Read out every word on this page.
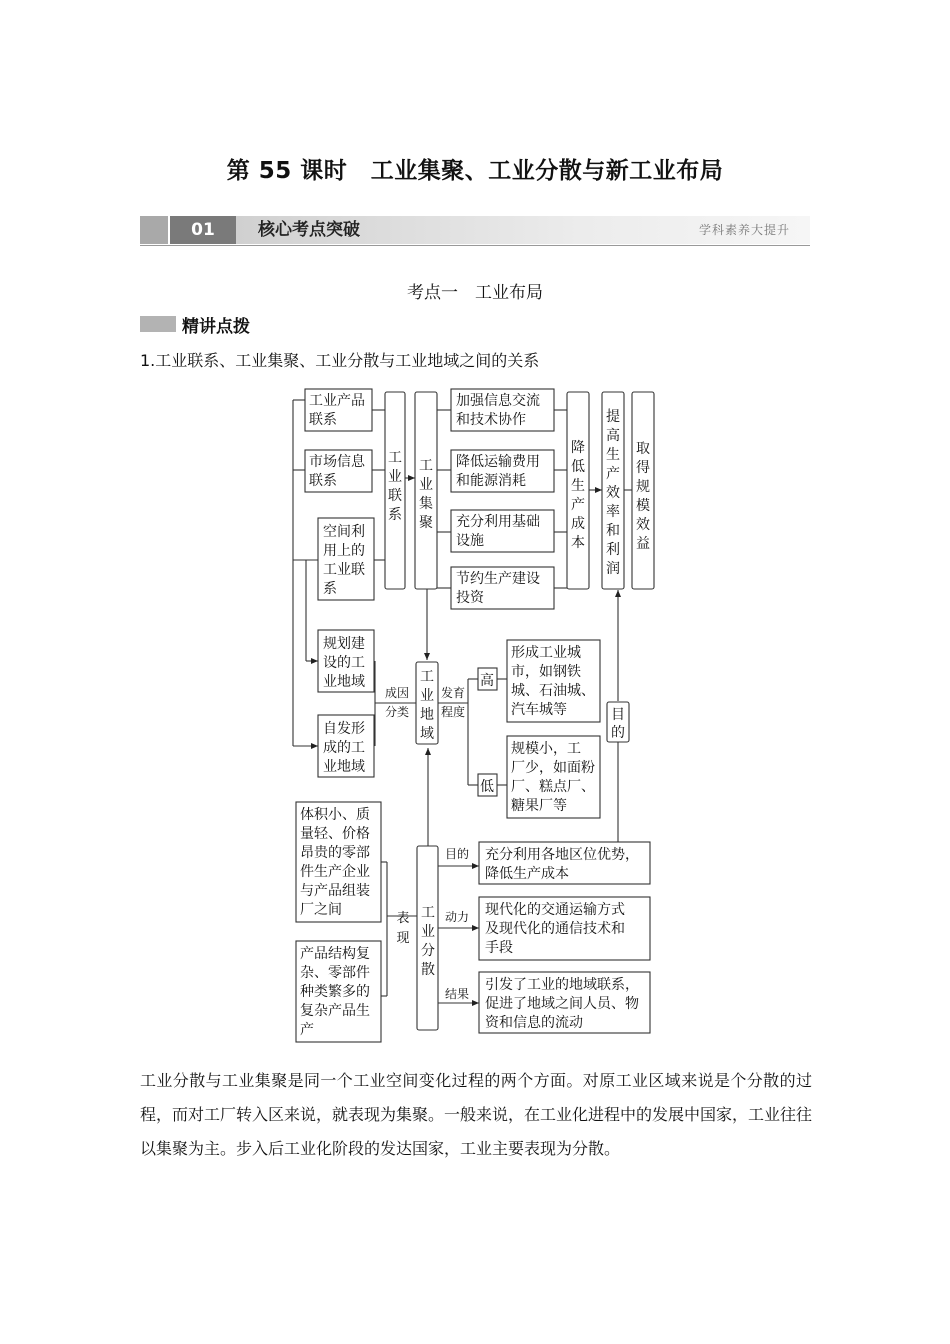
第 55 课时　工业集聚、工业分散与新工业布局
01	核心考点突破	学科素养大提升
考点一　工业布局
精讲点拨
1.工业联系、工业集聚、工业分散与工业地域之间的关系
工业产品联系
市场信息联系
空间利用上的工业联系
规划建设的工业地域
自发形成的工业地域
工业联系
工业集聚
加强信息交流和技术协作
降低运输费用和能源消耗
充分利用基础设施
节约生产建设投资
降低生产成本
提高生产效率和利润
取得规模效益
成因分类
工业地域
发育程度
高
低
形成工业城市，如钢铁城、石油城、汽车城等
规模小，工厂少，如面粉厂、糕点厂、糖果厂等
目的
体积小、质量轻、价格昂贵的零部件生产企业与产品组装厂之间
产品结构复杂、零部件种类繁多的复杂产品生产
表现
工业分散
目的
动力
结果
充分利用各地区位优势，降低生产成本
现代化的交通运输方式及现代化的通信技术和手段
引发了工业的地域联系，促进了地域之间人员、物资和信息的流动
工业分散与工业集聚是同一个工业空间变化过程的两个方面。对原工业区域来说是个分散的过程，而对工厂转入区来说，就表现为集聚。一般来说，在工业化进程中的发展中国家，工业往往以集聚为主。步入后工业化阶段的发达国家，工业主要表现为分散。
